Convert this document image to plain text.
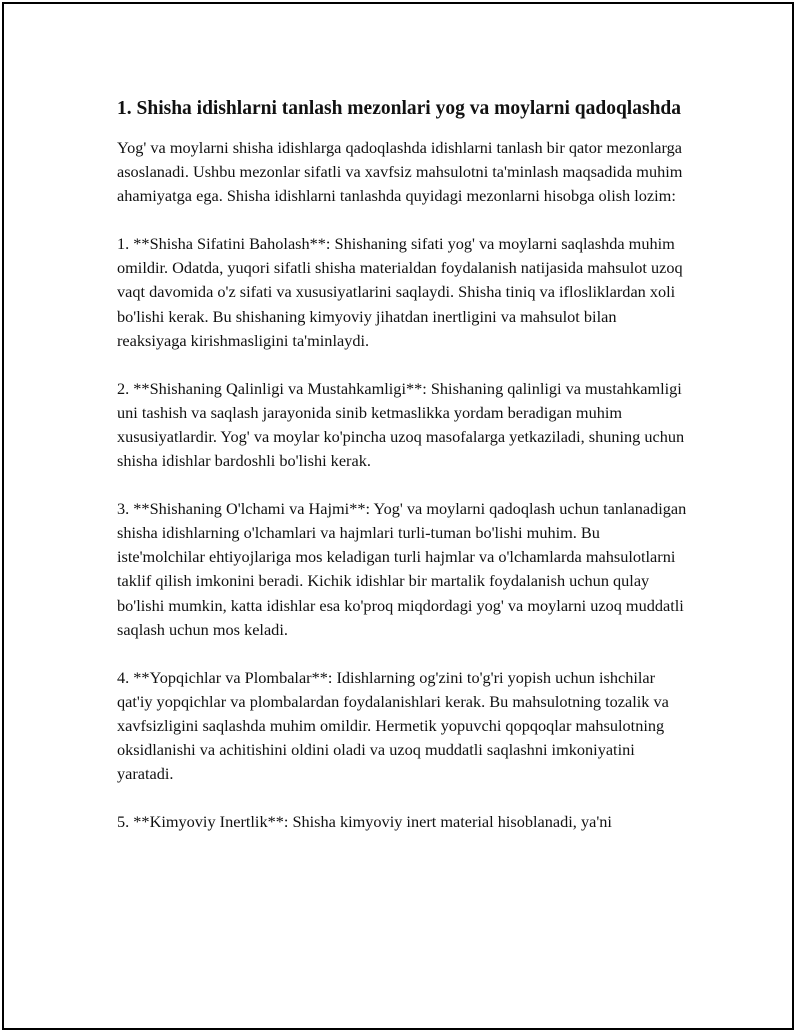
1. Shisha idishlarni tanlash mezonlari yog va moylarni qadoqlashda

Yog' va moylarni shisha idishlarga qadoqlashda idishlarni tanlash bir qator mezonlarga asoslanadi. Ushbu mezonlar sifatli va xavfsiz mahsulotni ta'minlash maqsadida muhim ahamiyatga ega. Shisha idishlarni tanlashda quyidagi mezonlarni hisobga olish lozim:

1. **Shisha Sifatini Baholash**: Shishaning sifati yog' va moylarni saqlashda muhim omildir. Odatda, yuqori sifatli shisha materialdan foydalanish natijasida mahsulot uzoq vaqt davomida o'z sifati va xususiyatlarini saqlaydi. Shisha tiniq va iflosliklаrdan xoli bo'lishi kerak. Bu shishaning kimyoviy jihatdan inertligini va mahsulot bilan reaksiyaga kirishmasligini ta'minlaydi.

2. **Shishaning Qalinligi va Mustahkamligi**: Shishaning qalinligi va mustahkamligi uni tashish va saqlash jarayonida sinib ketmaslikka yordam beradigan muhim xususiyatlardir. Yog' va moylar ko'pincha uzoq masofalarga yetkaziladi, shuning uchun shisha idishlar bardoshli bo'lishi kerak.

3. **Shishaning O'lchami va Hajmi**: Yog' va moylarni qadoqlash uchun tanlanadigan shisha idishlarning o'lchamlari va hajmlari turli-tuman bo'lishi muhim. Bu iste'molchilar ehtiyojlariga mos keladigan turli hajmlar va o'lchamlarda mahsulotlarni taklif qilish imkonini beradi. Kichik idishlar bir martalik foydalanish uchun qulay bo'lishi mumkin, katta idishlar esa ko'proq miqdordagi yog' va moylarni uzoq muddatli saqlash uchun mos keladi.

4. **Yopqichlar va Plombalar**: Idishlarning og'zini to'g'ri yopish uchun ishchilar qat'iy yopqichlar va plombalardan foydalanishlari kerak. Bu mahsulotning tozalik va xavfsizligini saqlashda muhim omildir. Hermetik yopuvchi qopqoqlar mahsulotning oksidlanishi va achitishini oldini oladi va uzoq muddatli saqlashni imkoniyatini yaratadi.

5. **Kimyoviy Inertlik**: Shisha kimyoviy inert material hisoblanadi, ya'ni
